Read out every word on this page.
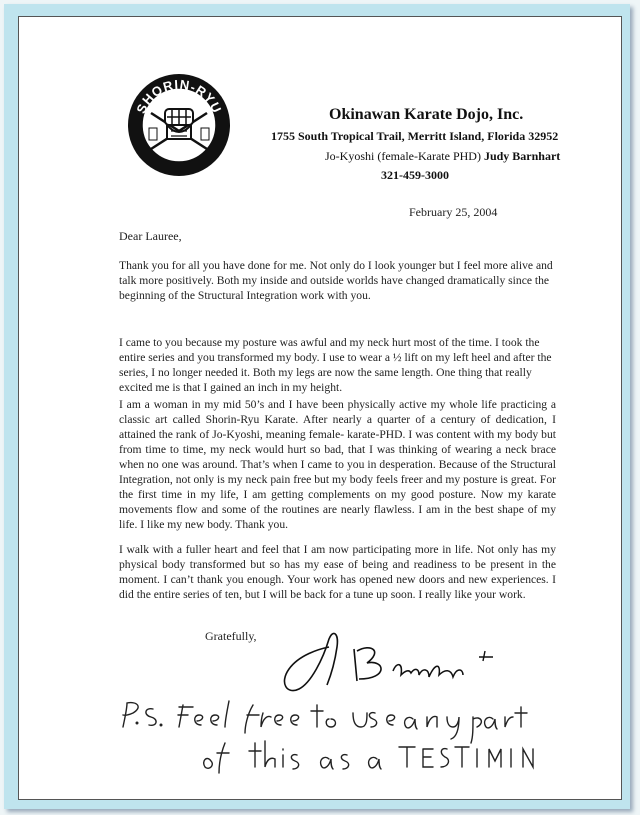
SHORIN-RYU	Okinawan Karate Dojo, Inc.
1755 South Tropical Trail, Merritt Island, Florida 32952
Jo-Kyoshi (female-Karate PHD) Judy Barnhart
321-459-3000
February 25, 2004
Dear Lauree,

Thank you for all you have done for me. Not only do I look younger but I feel more alive and talk more positively. Both my inside and outside worlds have changed dramatically since the beginning of the Structural Integration work with you.

I came to you because my posture was awful and my neck hurt most of the time. I took the entire series and you transformed my body. I use to wear a ½ lift on my left heel and after the series, I no longer needed it. Both my legs are now the same length. One thing that really excited me is that I gained an inch in my height.

I am a woman in my mid 50’s and I have been physically active my whole life practicing a classic art called Shorin-Ryu Karate. After nearly a quarter of a century of dedication, I attained the rank of Jo-Kyoshi, meaning female- karate-PHD. I was content with my body but from time to time, my neck would hurt so bad, that I was thinking of wearing a neck brace when no one was around. That’s when I came to you in desperation. Because of the Structural Integration, not only is my neck pain free but my body feels freer and my posture is great. For the first time in my life, I am getting complements on my good posture. Now my karate movements flow and some of the routines are nearly flawless. I am in the best shape of my life. I like my new body. Thank you.

I walk with a fuller heart and feel that I am now participating more in life. Not only has my physical body transformed but so has my ease of being and readiness to be present in the moment. I can’t thank you enough. Your work has opened new doors and new experiences. I did the entire series of ten, but I will be back for a tune up soon. I really like your work.

Gratefully,
